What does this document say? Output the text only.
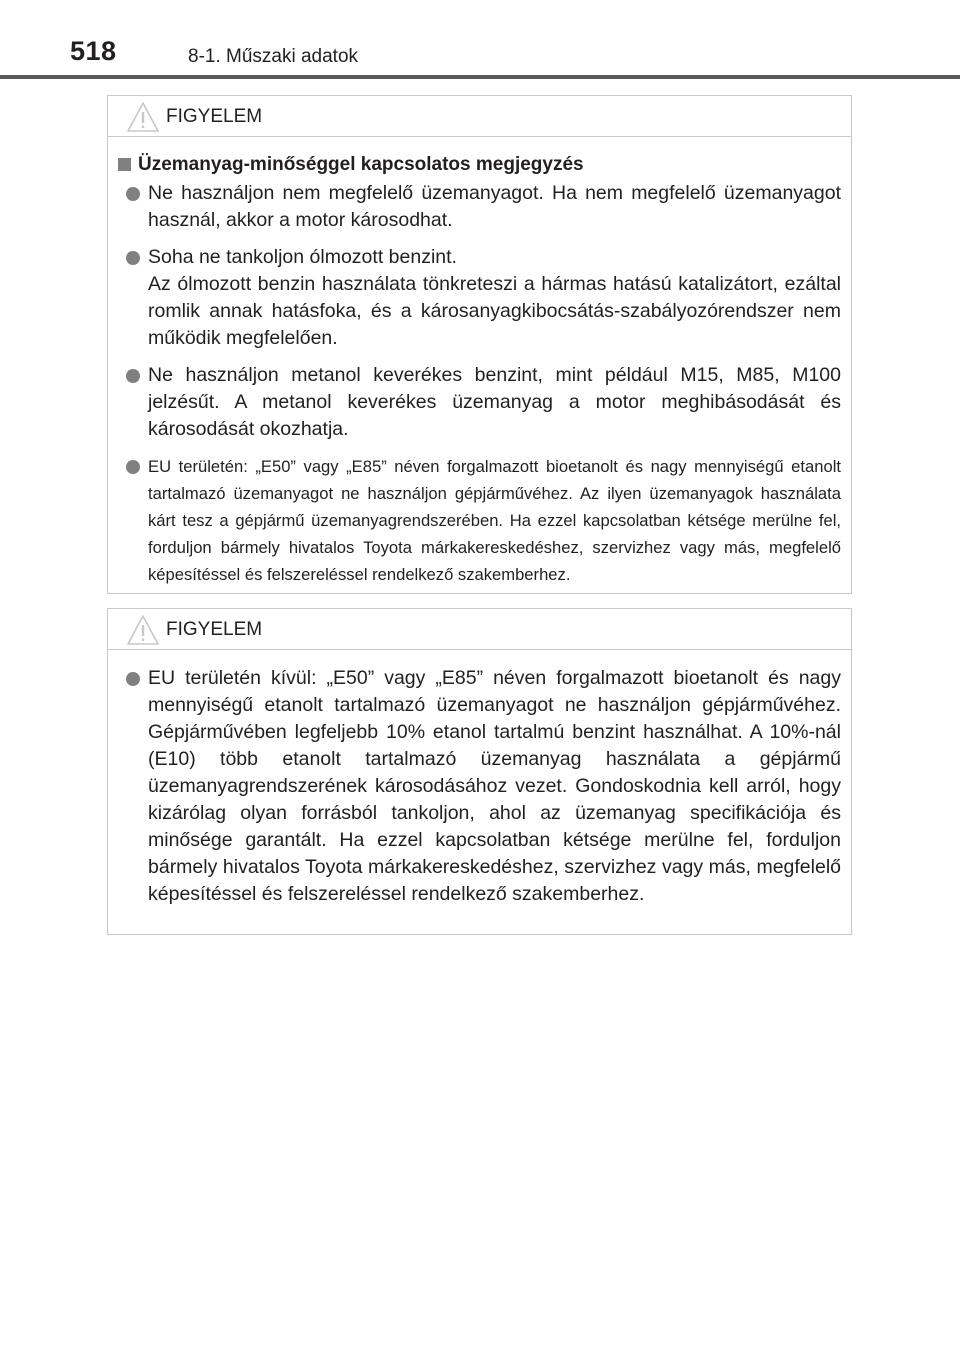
518	8-1. Műszaki adatok
FIGYELEM
Üzemanyag-minőséggel kapcsolatos megjegyzés
Ne használjon nem megfelelő üzemanyagot. Ha nem megfelelő üzemanyagot használ, akkor a motor károsodhat.
Soha ne tankoljon ólmozott benzint.
Az ólmozott benzin használata tönkreteszi a hármas hatású katalizátort, ezáltal romlik annak hatásfoka, és a károsanyagkibocsátás-szabályozórendszer nem működik megfelelően.
Ne használjon metanol keverékes benzint, mint például M15, M85, M100 jelzésűt. A metanol keverékes üzemanyag a motor meghibásodását és károsodását okozhatja.
EU területén: „E50” vagy „E85” néven forgalmazott bioetanolt és nagy mennyiségű etanolt tartalmazó üzemanyagot ne használjon gépjárművéhez. Az ilyen üzemanyagok használata kárt tesz a gépjármű üzemanyagrendszerében. Ha ezzel kapcsolatban kétsége merülne fel, forduljon bármely hivatalos Toyota márkakereskedéshez, szervizhez vagy más, megfelelő képesítéssel és felszereléssel rendelkező szakemberhez.
FIGYELEM
EU területén kívül: „E50” vagy „E85” néven forgalmazott bioetanolt és nagy mennyiségű etanolt tartalmazó üzemanyagot ne használjon gépjárművéhez. Gépjárművében legfeljebb 10% etanol tartalmú benzint használhat. A 10%-nál (E10) több etanolt tartalmazó üzemanyag használata a gépjármű üzemanyagrendszerének károsodásához vezet. Gondoskodnia kell arról, hogy kizárólag olyan forrásból tankoljon, ahol az üzemanyag specifikációja és minősége garantált. Ha ezzel kapcsolatban kétsége merülne fel, forduljon bármely hivatalos Toyota márkakereskedéshez, szervizhez vagy más, megfelelő képesítéssel és felszereléssel rendelkező szakemberhez.
